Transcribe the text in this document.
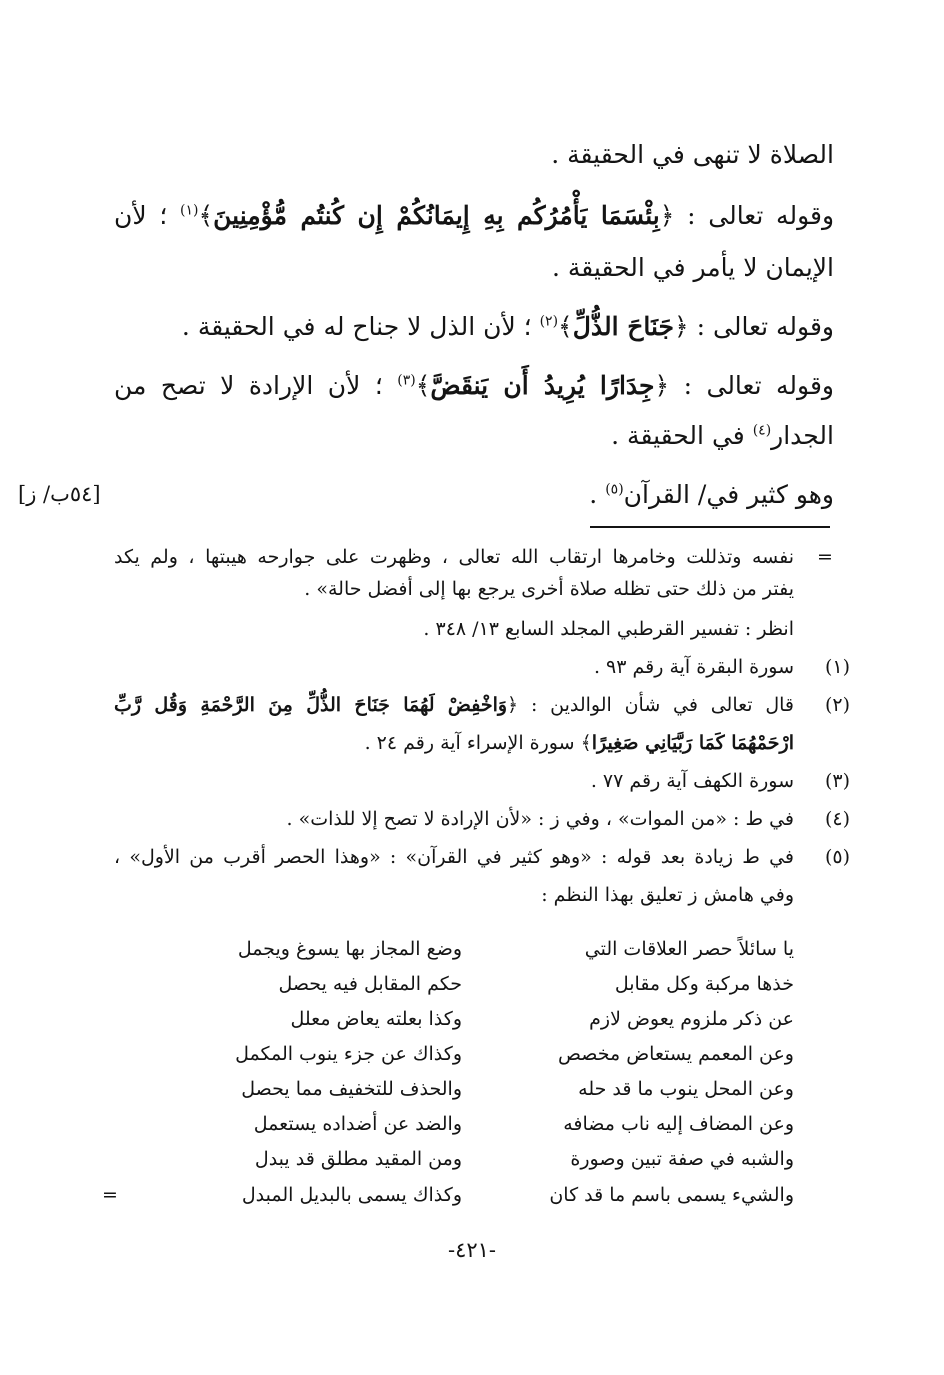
الصلاة لا تنهى في الحقيقة .
وقوله تعالى : ﴿بِئْسَمَا يَأْمُرُكُم بِهِ إِيمَانُكُمْ إِن كُنتُم مُّؤْمِنِينَ﴾$^{(١)}$ ؛ لأن
الإيمان لا يأمر في الحقيقة .
وقوله تعالى : ﴿جَنَاحَ الذُّلِّ﴾$^{(٢)}$ ؛ لأن الذل لا جناح له في الحقيقة .
وقوله تعالى : ﴿جِدَارًا يُرِيدُ أَن يَنقَضَّ﴾$^{(٣)}$ ؛ لأن الإرادة لا تصح من
الجدار$^{(٤)}$ في الحقيقة .
وهو كثير في/ القرآن$^{(٥)}$ .
[٥٤ب/ ز]
=
نفسه وتذللت وخامرها ارتقاب الله تعالى ، وظهرت على جوارحه هيبتها ، ولم يكد
يفتر من ذلك حتى تظله صلاة أخرى يرجع بها إلى أفضل حالة» .
انظر : تفسير القرطبي المجلد السابع ١٣/ ٣٤٨ .
(١)
سورة البقرة آية رقم ٩٣ .
(٢)
قال تعالى في شأن الوالدين : ﴿وَاخْفِضْ لَهُمَا جَنَاحَ الذُّلِّ مِنَ الرَّحْمَةِ وَقُل رَّبِّ
ارْحَمْهُمَا كَمَا رَبَّيَانِي صَغِيرًا﴾ سورة الإسراء آية رقم ٢٤ .
(٣)
سورة الكهف آية رقم ٧٧ .
(٤)
في ط : «من الموات» ، وفي ز : «لأن الإرادة لا تصح إلا للذات» .
(٥)
في ط زيادة بعد قوله : «وهو كثير في القرآن» : «وهذا الحصر أقرب من الأول» ،
وفي هامش ز تعليق بهذا النظم :
يا سائلاً حصر العلاقات التي
وضع المجاز بها يسوغ ويجمل
خذها مركبة وكل مقابل
حكم المقابل فيه يحصل
عن ذكر ملزوم يعوض لازم
وكذا بعلته يعاض معلل
وعن المعمم يستعاض مخصص
وكذاك عن جزء ينوب المكمل
وعن المحل ينوب ما قد حله
والحذف للتخفيف مما يحصل
وعن المضاف إليه ناب مضافه
والضد عن أضداده يستعمل
والشبه في صفة تبين وصورة
ومن المقيد مطلق قد يبدل
والشيء يسمى باسم ما قد كان
وكذاك يسمى بالبديل المبدل
=
-٤٢١-
